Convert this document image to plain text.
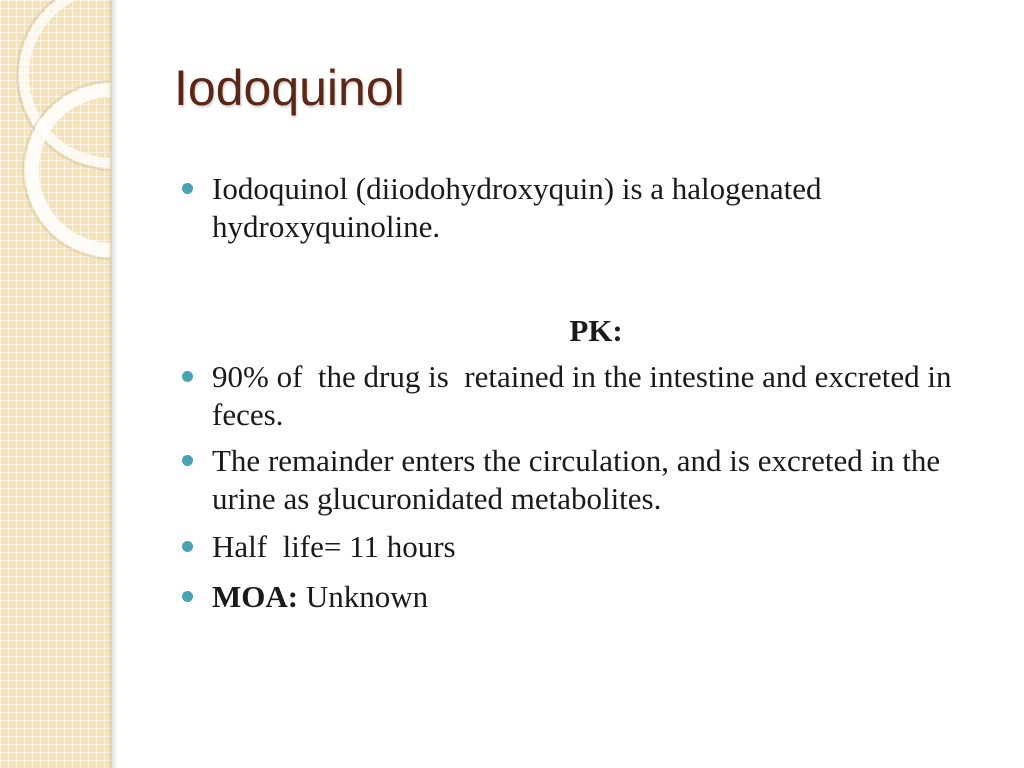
Iodoquinol
Iodoquinol (diiodohydroxyquin) is a halogenated hydroxyquinoline.
PK:
90% of  the drug is  retained in the intestine and excreted in feces.
The remainder enters the circulation, and is excreted in the urine as glucuronidated metabolites.
Half  life= 11 hours
MOA: Unknown
